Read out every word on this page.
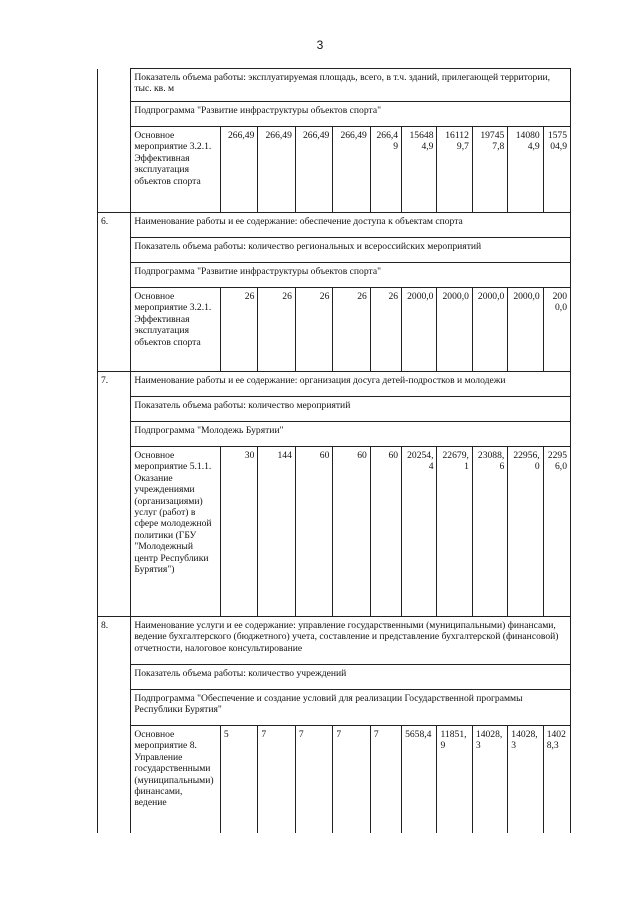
3
	Показатель объема работы: эксплуатируемая площадь, всего, в т.ч. зданий, прилегающей территории, тыс. кв. м										
	Подпрограмма "Развитие инфраструктуры объектов спорта"										
	Основное мероприятие 3.2.1. Эффективная эксплуатация объектов спорта	266,49	266,49	266,49	266,49	266,49	156484,9	161129,7	197457,8	140804,9	157504,9
6.	Наименование работы и ее содержание: обеспечение доступа к объектам спорта										
	Показатель объема работы: количество региональных и всероссийских мероприятий										
	Подпрограмма "Развитие инфраструктуры объектов спорта"										
	Основное мероприятие 3.2.1. Эффективная эксплуатация объектов спорта	26	26	26	26	26	2000,0	2000,0	2000,0	2000,0	2000,0
7.	Наименование работы и ее содержание: организация досуга детей-подростков и молодежи										
	Показатель объема работы: количество мероприятий										
	Подпрограмма "Молодежь Бурятии"										
	Основное мероприятие 5.1.1. Оказание учреждениями (организациями) услуг (работ) в сфере молодежной политики (ГБУ "Молодежный центр Республики Бурятия")	30	144	60	60	60	20254,4	22679,1	23088,6	22956,0	22956,0
8.	Наименование услуги и ее содержание: управление государственными (муниципальными) финансами, ведение бухгалтерского (бюджетного) учета, составление и представление бухгалтерской (финансовой) отчетности, налоговое консультирование										
	Показатель объема работы: количество учреждений										
	Подпрограмма "Обеспечение и создание условий для реализации Государственной программы Республики Бурятия"										
	Основное мероприятие 8. Управление государственными (муниципальными) финансами, ведение	5	7	7	7	7	5658,4	11851,9	14028,3	14028,3	14028,3
